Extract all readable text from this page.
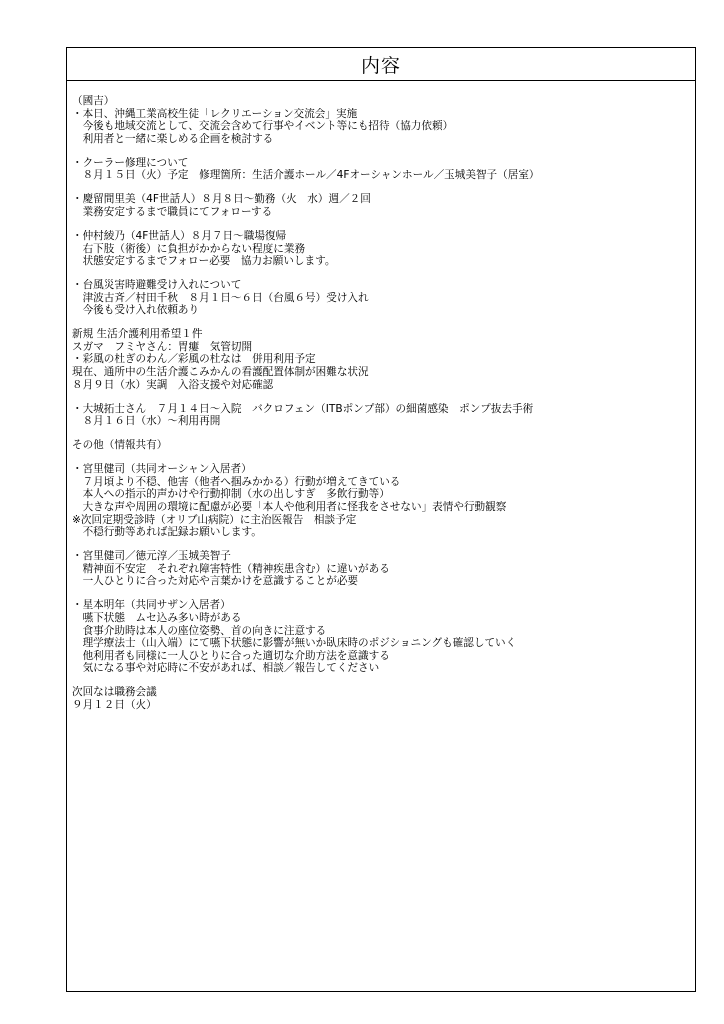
内容
（國吉）
・本日、沖縄工業高校生徒「レクリエーション交流会」実施
　今後も地域交流として、交流会含めて行事やイベント等にも招待（協力依頼）
　利用者と一緒に楽しめる企画を検討する
・クーラー修理について
　８月１５日（火）予定　修理箇所：生活介護ホール／4Fオーシャンホール／玉城美智子（居室）
・慶留間里美（4F世話人）８月８日～勤務（火　水）週／２回
　業務安定するまで職員にてフォローする
・仲村綾乃（4F世話人）８月７日～職場復帰
　右下肢（術後）に負担がかからない程度に業務
　状態安定するまでフォロー必要　協力お願いします。
・台風災害時避難受け入れについて
　津波古斉／村田千秋　８月１日～６日（台風６号）受け入れ
　今後も受け入れ依頼あり
新規 生活介護利用希望１件
スガマ　フミヤさん：胃瘻　気管切開
・彩風の杜ぎのわん／彩風の杜なは　併用利用予定
現在、通所中の生活介護こみかんの看護配置体制が困難な状況
８月９日（水）実調　入浴支援や対応確認
・大城拓士さん　７月１４日～入院　バクロフェン（ITBポンプ部）の細菌感染　ポンプ抜去手術
　８月１６日（水）～利用再開
その他（情報共有）
・宮里健司（共同オーシャン入居者）
　７月頃より不穏、他害（他者へ掴みかかる）行動が増えてきている
　本人への指示的声かけや行動抑制（水の出しすぎ　多飲行動等）
　大きな声や周囲の環境に配慮が必要「本人や他利用者に怪我をさせない」表情や行動観察
※次回定期受診時（オリブ山病院）に主治医報告　相談予定
　不穏行動等あれば記録お願いします。
・宮里健司／徳元淳／玉城美智子
　精神面不安定　それぞれ障害特性（精神疾患含む）に違いがある
　一人ひとりに合った対応や言葉かけを意識することが必要
・星本明年（共同サザン入居者）
　嚥下状態　ムセ込み多い時がある
　食事介助時は本人の座位姿勢、首の向きに注意する
　理学療法士（山入端）にて嚥下状態に影響が無いか臥床時のポジショニングも確認していく
　他利用者も同様に一人ひとりに合った適切な介助方法を意識する
　気になる事や対応時に不安があれば、相談／報告してください
次回なは職務会議
９月１２日（火）
